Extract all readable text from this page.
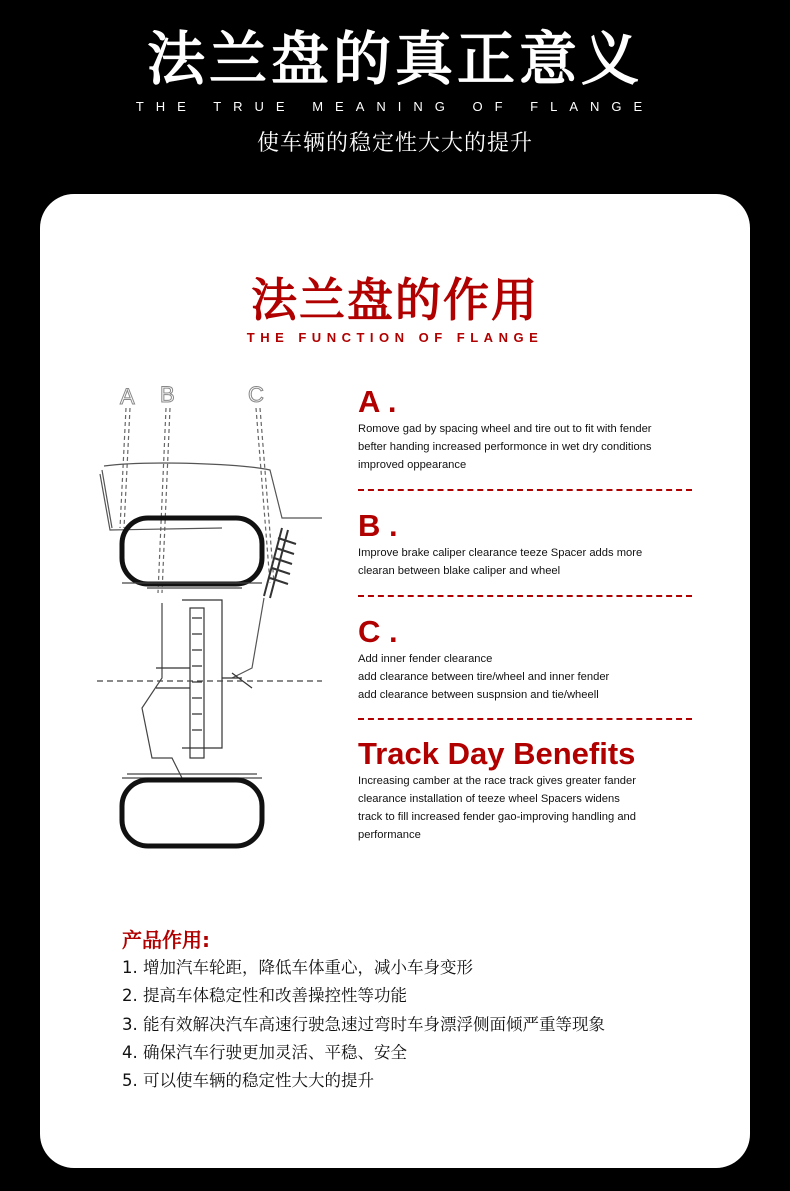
法兰盘的真正意义
THE TRUE MEANING OF FLANGE
使车辆的稳定性大大的提升
法兰盘的作用
THE FUNCTION OF FLANGE
A B	C	A .
Romove gad by spacing wheel and tire out to fit with fender
befter handing increased performonce in wet dry conditions
improved oppearance
B .
Improve brake caliper clearance teeze Spacer adds more
clearan between blake caliper and wheel
C .
Add inner fender clearance
add clearance between tire/wheel and inner fender
add clearance between suspnsion and tie/wheell
Track Day Benefits
Increasing camber at the race track gives greater fander
clearance installation of teeze wheel Spacers widens
track to fill increased fender gao-improving handling and
performance
产品作用:
1. 增加汽车轮距，降低车体重心，减小车身变形
2. 提高车体稳定性和改善操控性等功能
3. 能有效解决汽车高速行驶急速过弯时车身漂浮侧面倾严重等现象
4. 确保汽车行驶更加灵活、平稳、安全
5. 可以使车辆的稳定性大大的提升
